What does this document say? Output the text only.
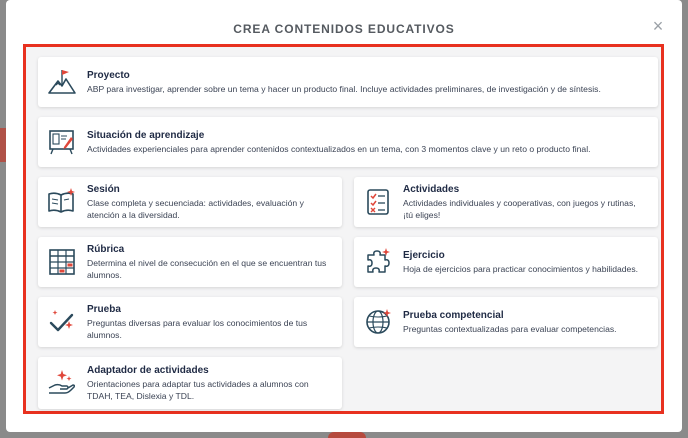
CREA CONTENIDOS EDUCATIVOS	×
Proyecto
ABP para investigar, aprender sobre un tema y hacer un producto final. Incluye actividades preliminares, de investigación y de síntesis.
Situación de aprendizaje
Actividades experienciales para aprender contenidos contextualizados en un tema, con 3 momentos clave y un reto o producto final.
Sesión
Clase completa y secuenciada: actividades, evaluación y atención a la diversidad.
Actividades
Actividades individuales y cooperativas, con juegos y rutinas, ¡tú eliges!
Rúbrica
Determina el nivel de consecución en el que se encuentran tus alumnos.
Ejercicio
Hoja de ejercicios para practicar conocimientos y habilidades.
Prueba
Preguntas diversas para evaluar los conocimientos de tus alumnos.
Prueba competencial
Preguntas contextualizadas para evaluar competencias.
Adaptador de actividades
Orientaciones para adaptar tus actividades a alumnos con TDAH, TEA, Dislexia y TDL.
